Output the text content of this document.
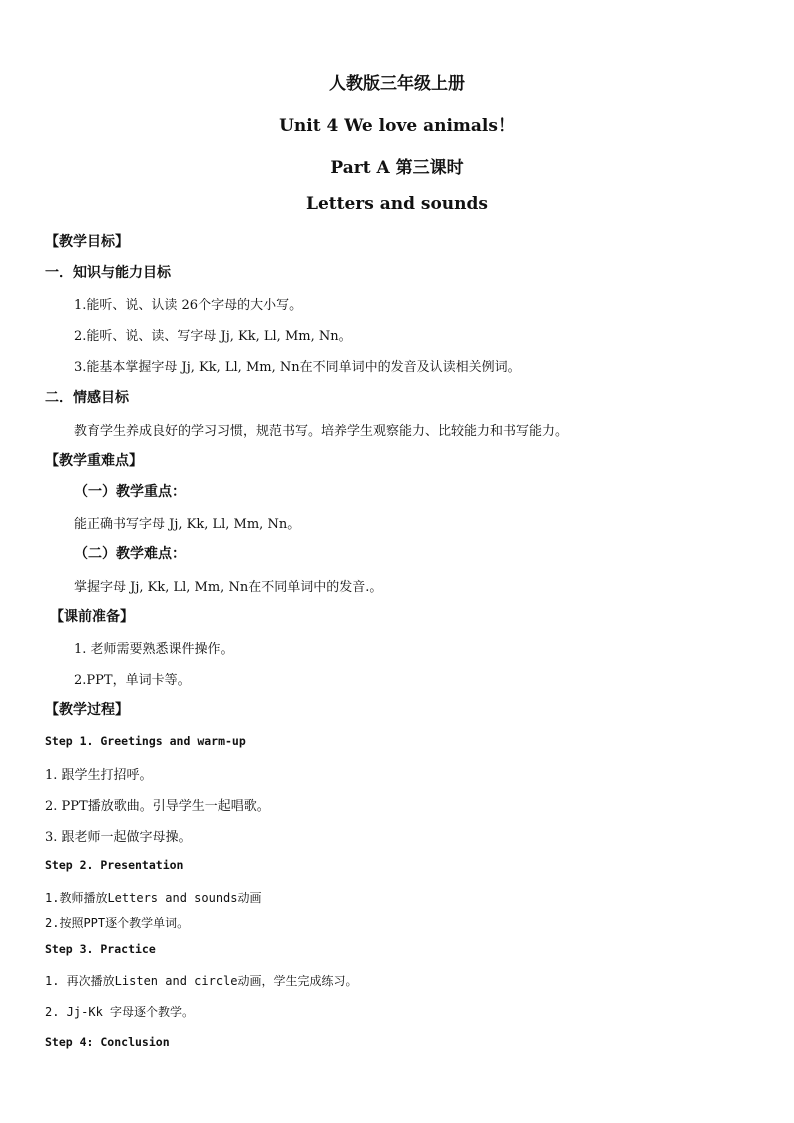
人教版三年级上册
Unit 4 We love animals！
Part A 第三课时
Letters and sounds
【教学目标】
一．知识与能力目标
1.能听、说、认读 26个字母的大小写。
2.能听、说、读、写字母 Jj, Kk, Ll, Mm, Nn。
3.能基本掌握字母 Jj, Kk, Ll, Mm, Nn在不同单词中的发音及认读相关例词。
二．情感目标
教育学生养成良好的学习习惯，规范书写。培养学生观察能力、比较能力和书写能力。
【教学重难点】
（一）教学重点：
能正确书写字母 Jj, Kk, Ll, Mm, Nn。
（二）教学难点：
掌握字母 Jj, Kk, Ll, Mm, Nn在不同单词中的发音.。
【课前准备】
1. 老师需要熟悉课件操作。
2.PPT，单词卡等。
【教学过程】
Step 1. Greetings and warm-up
1. 跟学生打招呼。
2. PPT播放歌曲。引导学生一起唱歌。
3. 跟老师一起做字母操。
Step 2. Presentation
1.教师播放Letters and sounds动画
2.按照PPT逐个教学单词。
Step 3. Practice
1. 再次播放Listen and circle动画，学生完成练习。
2. Jj-Kk 字母逐个教学。
Step 4: Conclusion
